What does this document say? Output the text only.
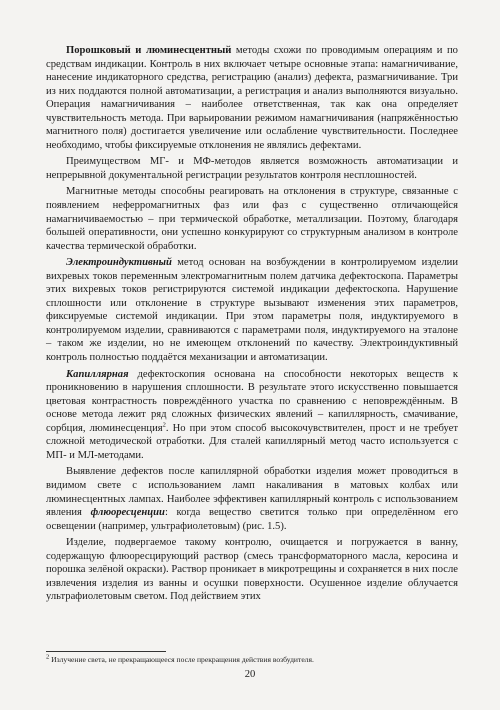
Порошковый и люминесцентный методы схожи по проводимым операциям и по средствам индикации. Контроль в них включает четыре основные этапа: намагничивание, нанесение индикаторного средства, регистрацию (анализ) дефекта, размагничивание. Три из них поддаются полной автоматизации, а регистрация и анализ выполняются визуально. Операция намагничивания – наиболее ответственная, так как она определяет чувствительность метода. При варьировании режимом намагничивания (напряжённостью магнитного поля) достигается увеличение или ослабление чувствительности. Последнее необходимо, чтобы фиксируемые отклонения не являлись дефектами.

Преимуществом МГ- и МФ-методов является возможность автоматизации и непрерывной документальной регистрации результатов контроля несплошностей.

Магнитные методы способны реагировать на отклонения в структуре, связанные с появлением неферромагнитных фаз или фаз с существенно отличающейся намагничиваемостью – при термической обработке, металлизации. Поэтому, благодаря большей оперативности, они успешно конкурируют со структурным анализом в контроле качества термической обработки.

Электроиндуктивный метод основан на возбуждении в контролируемом изделии вихревых токов переменным электромагнитным полем датчика дефектоскопа. Параметры этих вихревых токов регистрируются системой индикации дефектоскопа. Нарушение сплошности или отклонение в структуре вызывают изменения этих параметров, фиксируемые системой индикации. При этом параметры поля, индуктируемого в контролируемом изделии, сравниваются с параметрами поля, индуктируемого на эталоне – таком же изделии, но не имеющем отклонений по качеству. Электроиндуктивный контроль полностью поддаётся механизации и автоматизации.

Капиллярная дефектоскопия основана на способности некоторых веществ к проникновению в нарушения сплошности. В результате этого искусственно повышается цветовая контрастность повреждённого участка по сравнению с неповреждённым. В основе метода лежит ряд сложных физических явлений – капиллярность, смачивание, сорбция, люминесценция$^2$. Но при этом способ высокочувствителен, прост и не требует сложной методической отработки. Для сталей капиллярный метод часто используется с МП- и МЛ-методами.

Выявление дефектов после капиллярной обработки изделия может проводиться в видимом свете с использованием ламп накаливания в матовых колбах или люминесцентных лампах. Наиболее эффективен капиллярный контроль с использованием явления флюоресценции: когда вещество светится только при определённом его освещении (например, ультрафиолетовым) (рис. 1.5).

Изделие, подвергаемое такому контролю, очищается и погружается в ванну, содержащую флюоресцирующий раствор (смесь трансформаторного масла, керосина и порошка зелёной окраски). Раствор проникает в микротрещины и сохраняется в них после извлечения изделия из ванны и осушки поверхности. Осушенное изделие облучается ультрафиолетовым светом. Под действием этих

$^2$ Излучение света, не прекращающееся после прекращения действия возбудителя.

20
